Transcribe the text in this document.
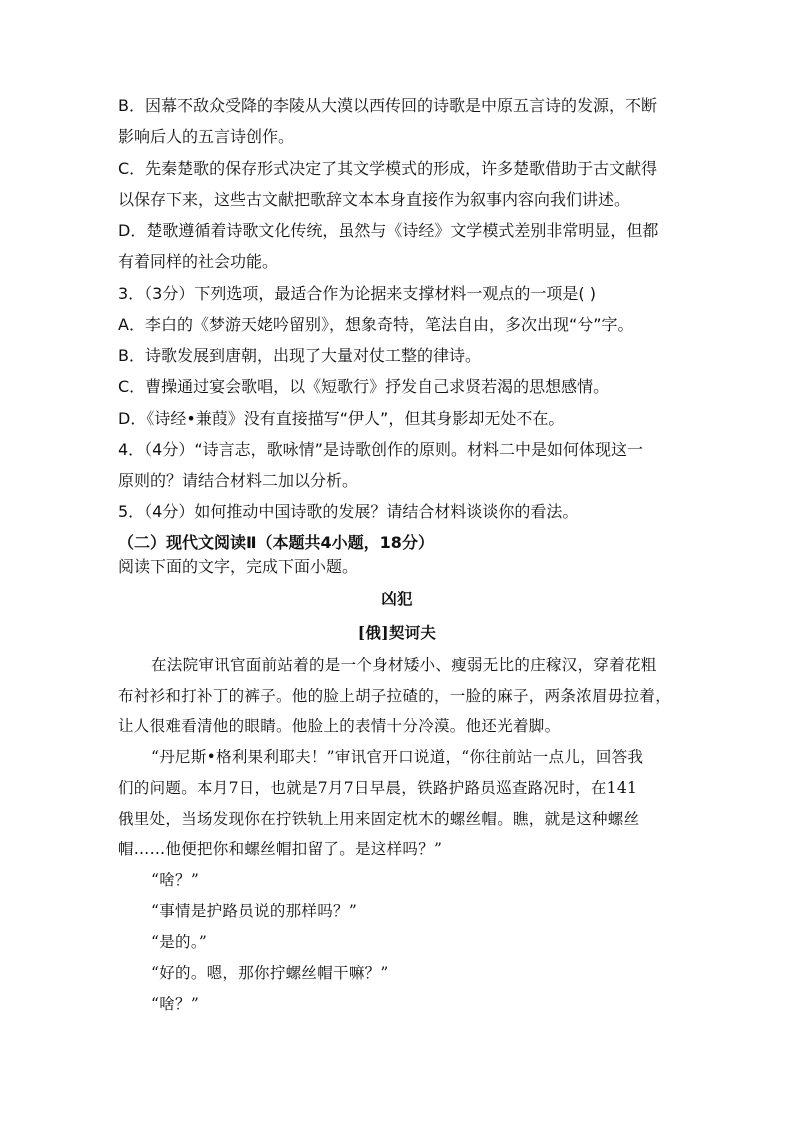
B．因幕不敌众受降的李陵从大漠以西传回的诗歌是中原五言诗的发源，不断
影响后人的五言诗创作。
C．先秦楚歌的保存形式决定了其文学模式的形成，许多楚歌借助于古文献得
以保存下来，这些古文献把歌辞文本本身直接作为叙事内容向我们讲述。
D．楚歌遵循着诗歌文化传统，虽然与《诗经》文学模式差别非常明显，但都
有着同样的社会功能。
3．（3分）下列选项，最适合作为论据来支撑材料一观点的一项是( )
A．李白的《梦游天姥吟留别》，想象奇特，笔法自由，多次出现“兮”字。
B．诗歌发展到唐朝，出现了大量对仗工整的律诗。
C．曹操通过宴会歌唱，以《短歌行》抒发自己求贤若渴的思想感情。
D．《诗经•兼葭》没有直接描写“伊人”，但其身影却无处不在。
4．（4分）“诗言志，歌咏情”是诗歌创作的原则。材料二中是如何体现这一
原则的？请结合材料二加以分析。
5．（4分）如何推动中国诗歌的发展？请结合材料谈谈你的看法。
（二）现代文阅读Ⅱ（本题共4小题，18分）
阅读下面的文字，完成下面小题。
凶犯
[俄]契诃夫
在法院审讯官面前站着的是一个身材矮小、瘦弱无比的庄稼汉，穿着花粗
布衬衫和打补丁的裤子。他的脸上胡子拉碴的，一脸的麻子，两条浓眉毋拉着，
让人很难看清他的眼睛。他脸上的表情十分冷漠。他还光着脚。
“丹尼斯•格利果利耶夫！”审讯官开口说道，“你往前站一点儿，回答我
们的问题。本月7日，也就是7月7日早晨，铁路护路员巡查路况时，在141
俄里处，当场发现你在拧铁轨上用来固定枕木的螺丝帽。瞧，就是这种螺丝
帽……他便把你和螺丝帽扣留了。是这样吗？”
“啥？”
“事情是护路员说的那样吗？”
“是的。”
“好的。嗯，那你拧螺丝帽干嘛？”
“啥？”
